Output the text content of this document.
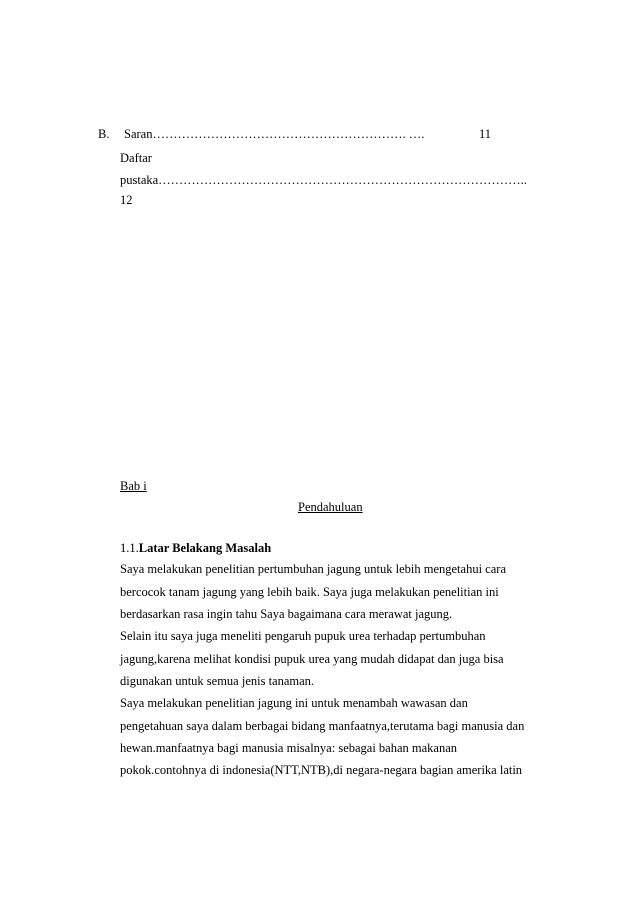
B. Saran……………………………………………………. ….	11
Daftar
pustaka……………………………………………………………………………..
12
Bab i
Pendahuluan
1.1.Latar Belakang Masalah
Saya melakukan penelitian pertumbuhan jagung untuk lebih mengetahui cara
bercocok tanam jagung yang lebih baik. Saya juga melakukan penelitian ini
berdasarkan rasa ingin tahu Saya bagaimana cara merawat jagung.
Selain itu saya juga meneliti pengaruh pupuk urea terhadap pertumbuhan
jagung,karena melihat kondisi pupuk urea yang mudah didapat dan juga bisa
digunakan untuk semua jenis tanaman.
Saya melakukan penelitian jagung ini untuk menambah wawasan dan
pengetahuan saya dalam berbagai bidang manfaatnya,terutama bagi manusia dan
hewan.manfaatnya bagi manusia misalnya: sebagai bahan makanan
pokok.contohnya di indonesia(NTT,NTB),di negara-negara bagian amerika latin
